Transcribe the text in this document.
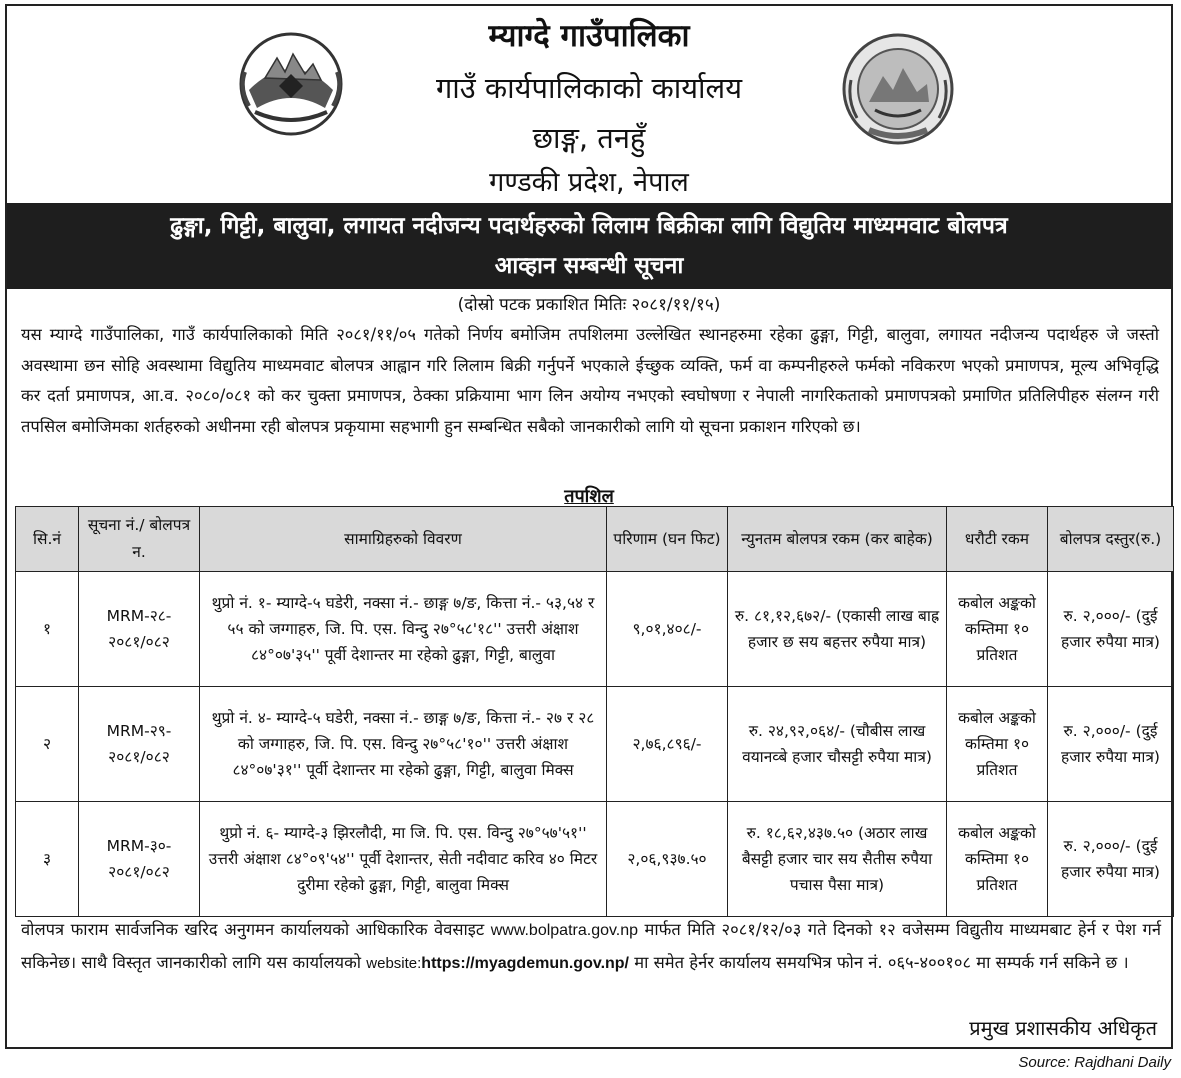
म्याग्दे गाउँपालिका
गाउँ कार्यपालिकाको कार्यालय
छाङ्ग, तनहुँ
गण्डकी प्रदेश, नेपाल
ढुङ्गा, गिट्टी, बालुवा, लगायत नदीजन्य पदार्थहरुको लिलाम बिक्रीका लागि विद्युतिय माध्यमवाट बोलपत्र
आव्हान सम्बन्धी सूचना
(दोस्रो पटक प्रकाशित मितिः २०८१/११/१५)
यस म्याग्दे गाउँपालिका, गाउँ कार्यपालिकाको मिति २०८१/११/०५ गतेको निर्णय बमोजिम तपशिलमा उल्लेखित स्थानहरुमा रहेका ढुङ्गा, गिट्टी, बालुवा, लगायत नदीजन्य पदार्थहरु जे जस्तो अवस्थामा छन सोहि अवस्थामा विद्युतिय माध्यमवाट बोलपत्र आह्वान गरि लिलाम बिक्री गर्नुपर्ने भएकाले ईच्छुक व्यक्ति, फर्म वा कम्पनीहरुले फर्मको नविकरण भएको प्रमाणपत्र, मूल्य अभिवृद्धि कर दर्ता प्रमाणपत्र, आ.व. २०८०/०८१ को कर चुक्ता प्रमाणपत्र, ठेक्का प्रक्रियामा भाग लिन अयोग्य नभएको स्वघोषणा र नेपाली नागरिकताको प्रमाणपत्रको प्रमाणित प्रतिलिपीहरु संलग्न गरी तपसिल बमोजिमका शर्तहरुको अधीनमा रही बोलपत्र प्रकृयामा सहभागी हुन सम्बन्धित सबैको जानकारीको लागि यो सूचना प्रकाशन गरिएको छ।
तपशिल
सि.नं	सूचना नं./ बोलपत्र न.	सामाग्रिहरुको विवरण	परिणाम (घन फिट)	न्युनतम बोलपत्र रकम (कर बाहेक)	धरौटी रकम	बोलपत्र दस्तुर(रु.)
१	MRM-२८- २०८१/०८२	थुप्रो नं. १- म्याग्दे-५ घडेरी, नक्सा नं.- छाङ्ग ७/ङ, कित्ता नं.- ५३,५४ र ५५ को जग्गाहरु, जि. पि. एस. विन्दु २७°५८'१८'' उत्तरी अंक्षाश ८४°०७'३५'' पूर्वी देशान्तर मा रहेको ढुङ्गा, गिट्टी, बालुवा	९,०१,४०८/-	रु. ८१,१२,६७२/- (एकासी लाख बाह्र हजार छ सय बहत्तर रुपैया मात्र)	कबोल अङ्कको कम्तिमा १० प्रतिशत	रु. २,०००/- (दुई हजार रुपैया मात्र)
२	MRM-२९- २०८१/०८२	थुप्रो नं. ४- म्याग्दे-५ घडेरी, नक्सा नं.- छाङ्ग ७/ङ, कित्ता नं.- २७ र २८ को जग्गाहरु, जि. पि. एस. विन्दु २७°५८'१०'' उत्तरी अंक्षाश ८४°०७'३१'' पूर्वी देशान्तर मा रहेको ढुङ्गा, गिट्टी, बालुवा मिक्स	२,७६,८९६/-	रु. २४,९२,०६४/- (चौबीस लाख वयानव्बे हजार चौसट्टी रुपैया मात्र)	कबोल अङ्कको कम्तिमा १० प्रतिशत	रु. २,०००/- (दुई हजार रुपैया मात्र)
३	MRM-३०- २०८१/०८२	थुप्रो नं. ६- म्याग्दे-३ झिरलौदी, मा जि. पि. एस. विन्दु २७°५७'५१'' उत्तरी अंक्षाश ८४°०९'५४'' पूर्वी देशान्तर, सेती नदीवाट करिव ४० मिटर दुरीमा रहेको ढुङ्गा, गिट्टी, बालुवा मिक्स	२,०६,९३७.५०	रु. १८,६२,४३७.५० (अठार लाख बैसट्टी हजार चार सय सैतीस रुपैया पचास पैसा मात्र)	कबोल अङ्कको कम्तिमा १० प्रतिशत	रु. २,०००/- (दुई हजार रुपैया मात्र)
वोलपत्र फाराम सार्वजनिक खरिद अनुगमन कार्यालयको आधिकारिक वेवसाइट www.bolpatra.gov.np मार्फत मिति २०८१/१२/०३ गते दिनको १२ वजेसम्म विद्युतीय माध्यमबाट हेर्न र पेश गर्न सकिनेछ। साथै विस्तृत जानकारीको लागि यस कार्यालयको website:https://myagdemun.gov.np/ मा समेत हेर्नर कार्यालय समयभित्र फोन नं. ०६५-४००१०८ मा सम्पर्क गर्न सकिने छ ।
प्रमुख प्रशासकीय अधिकृत
Source: Rajdhani Daily
